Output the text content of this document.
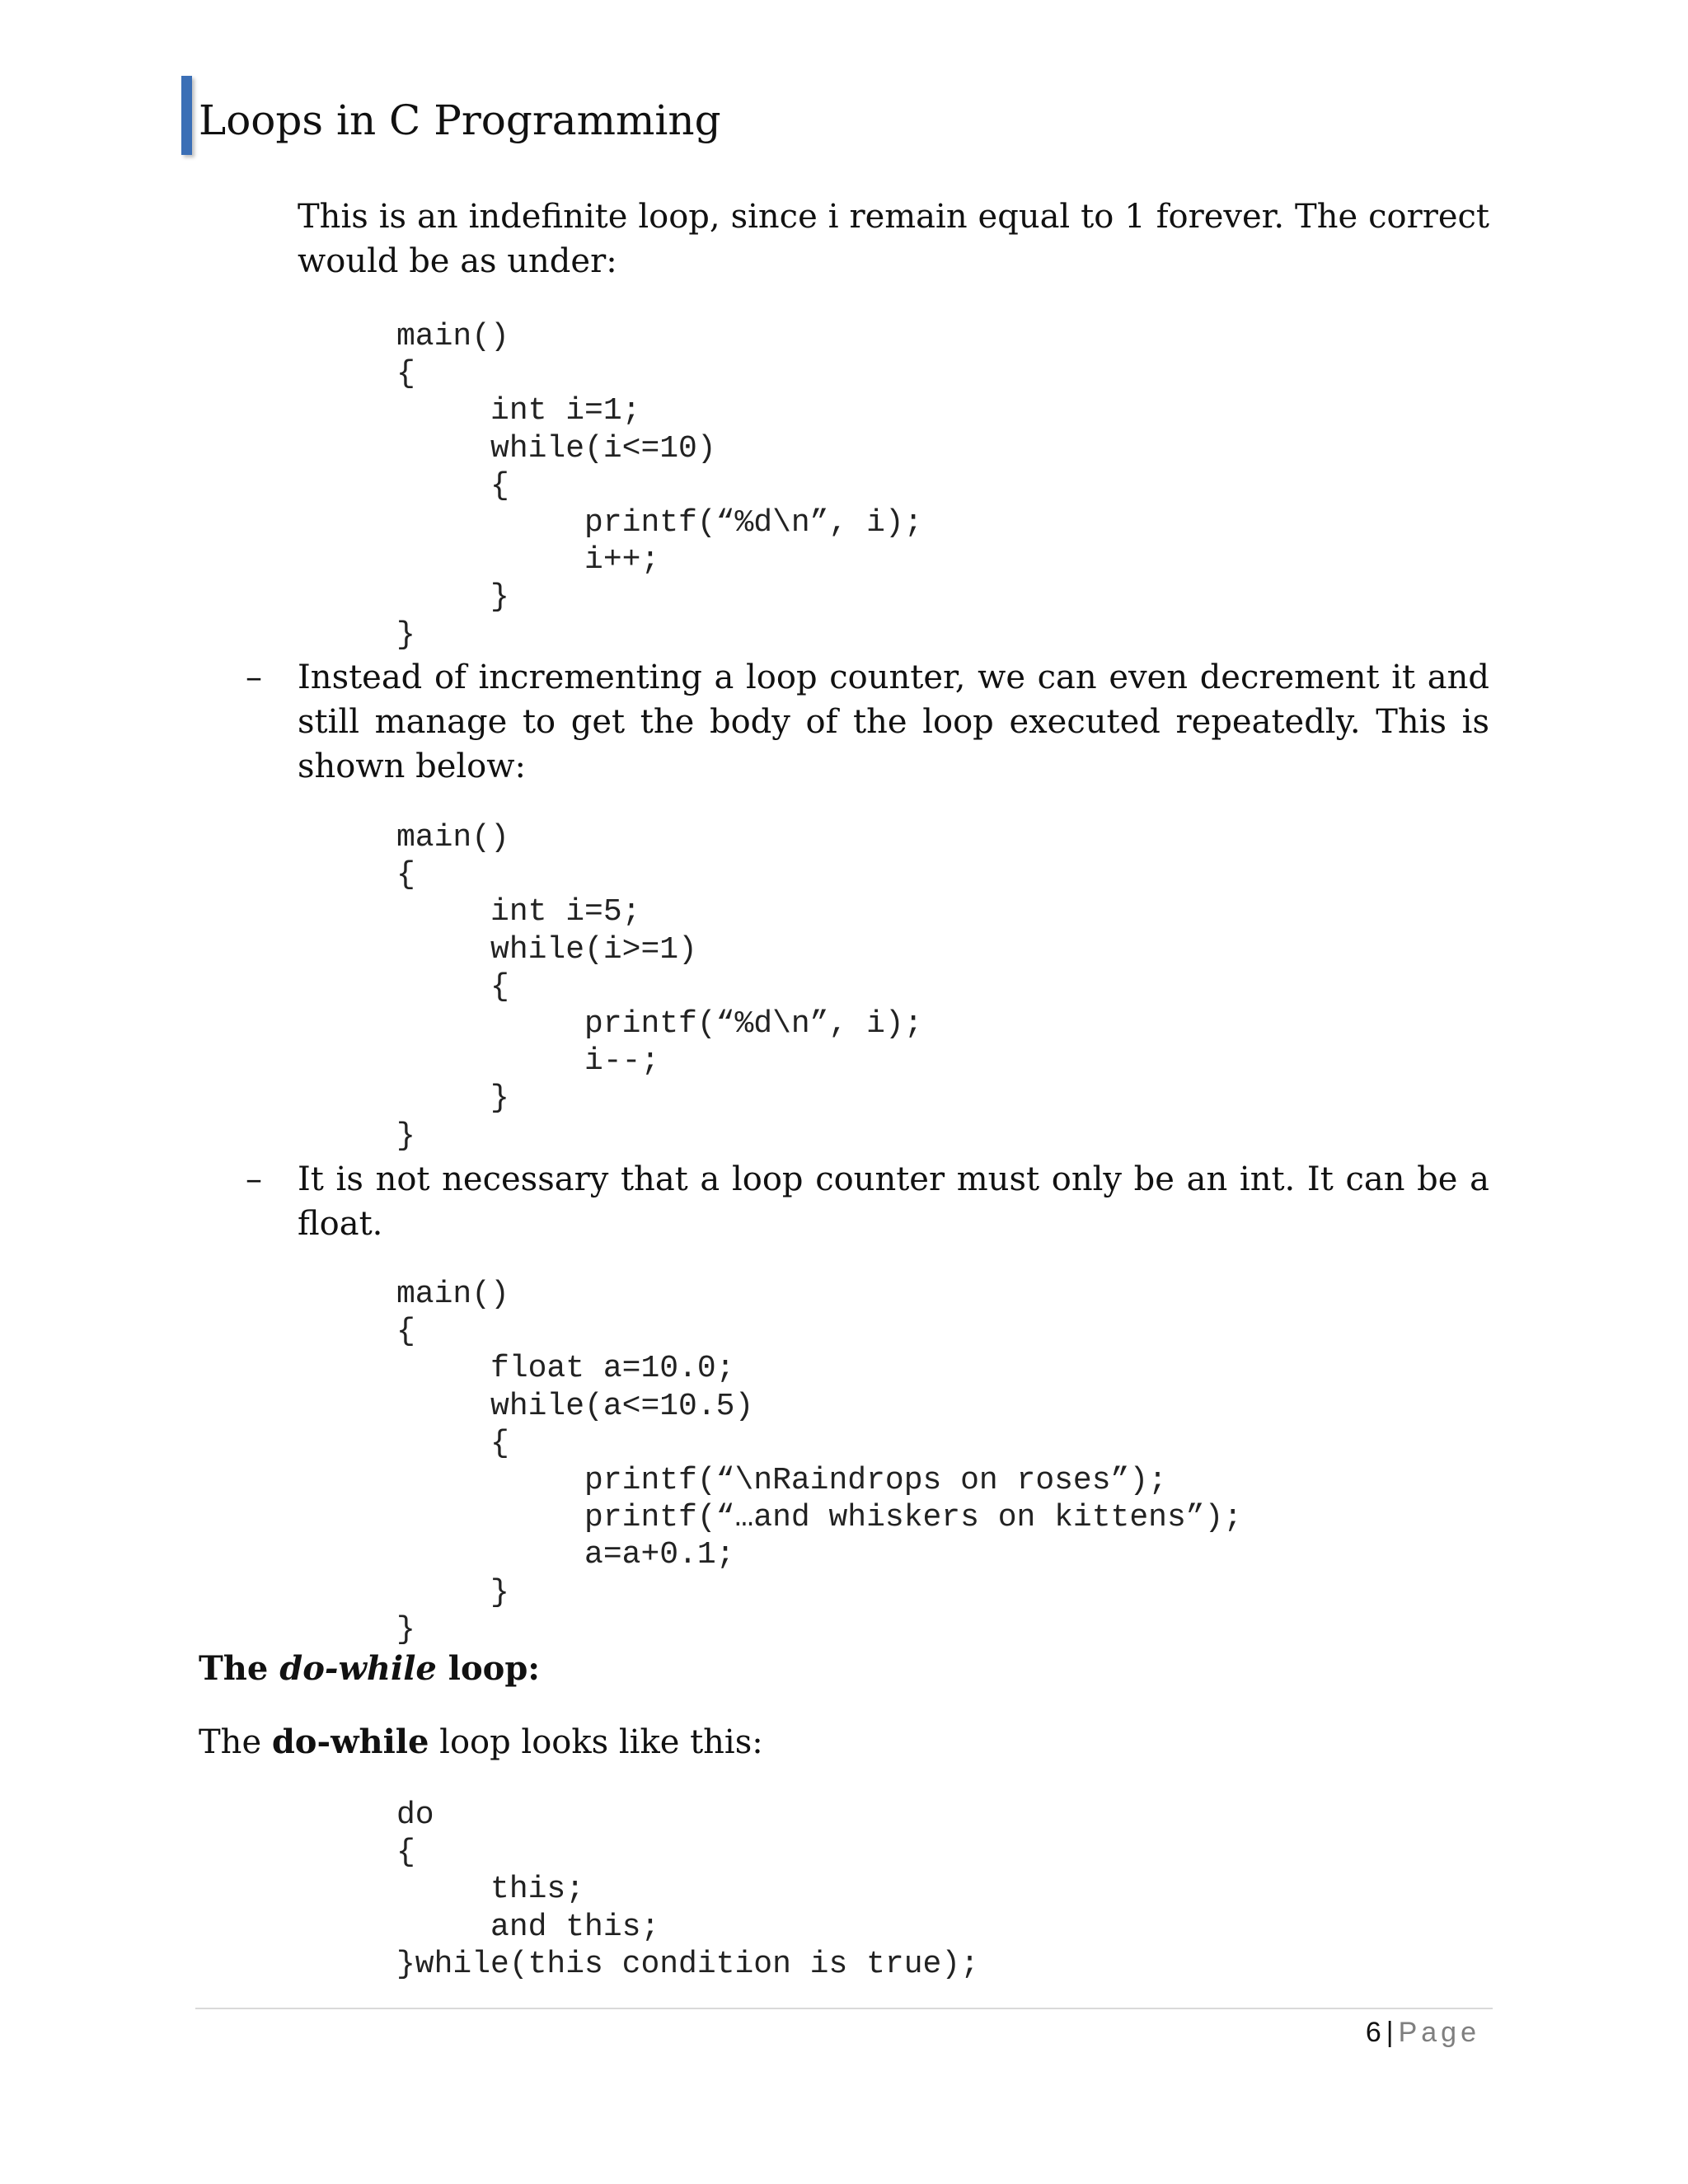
Loops in C Programming
This is an indefinite loop, since i remain equal to 1 forever. The correct would be as under:
main()
{
int i=1;
while(i<=10)
{
printf(“%d\n”, i);
i++;
}
}
– Instead of incrementing a loop counter, we can even decrement it and still manage to get the body of the loop executed repeatedly. This is shown below:
main()
{
int i=5;
while(i>=1)
{
printf(“%d\n”, i);
i--;
}
}
– It is not necessary that a loop counter must only be an int. It can be a float.
main()
{
float a=10.0;
while(a<=10.5)
{
printf(“\nRaindrops on roses”);
printf(“…and whiskers on kittens”);
a=a+0.1;
}
}
The do-while loop:
The do-while loop looks like this:
do
{
this;
and this;
}while(this condition is true);
6 | Page
